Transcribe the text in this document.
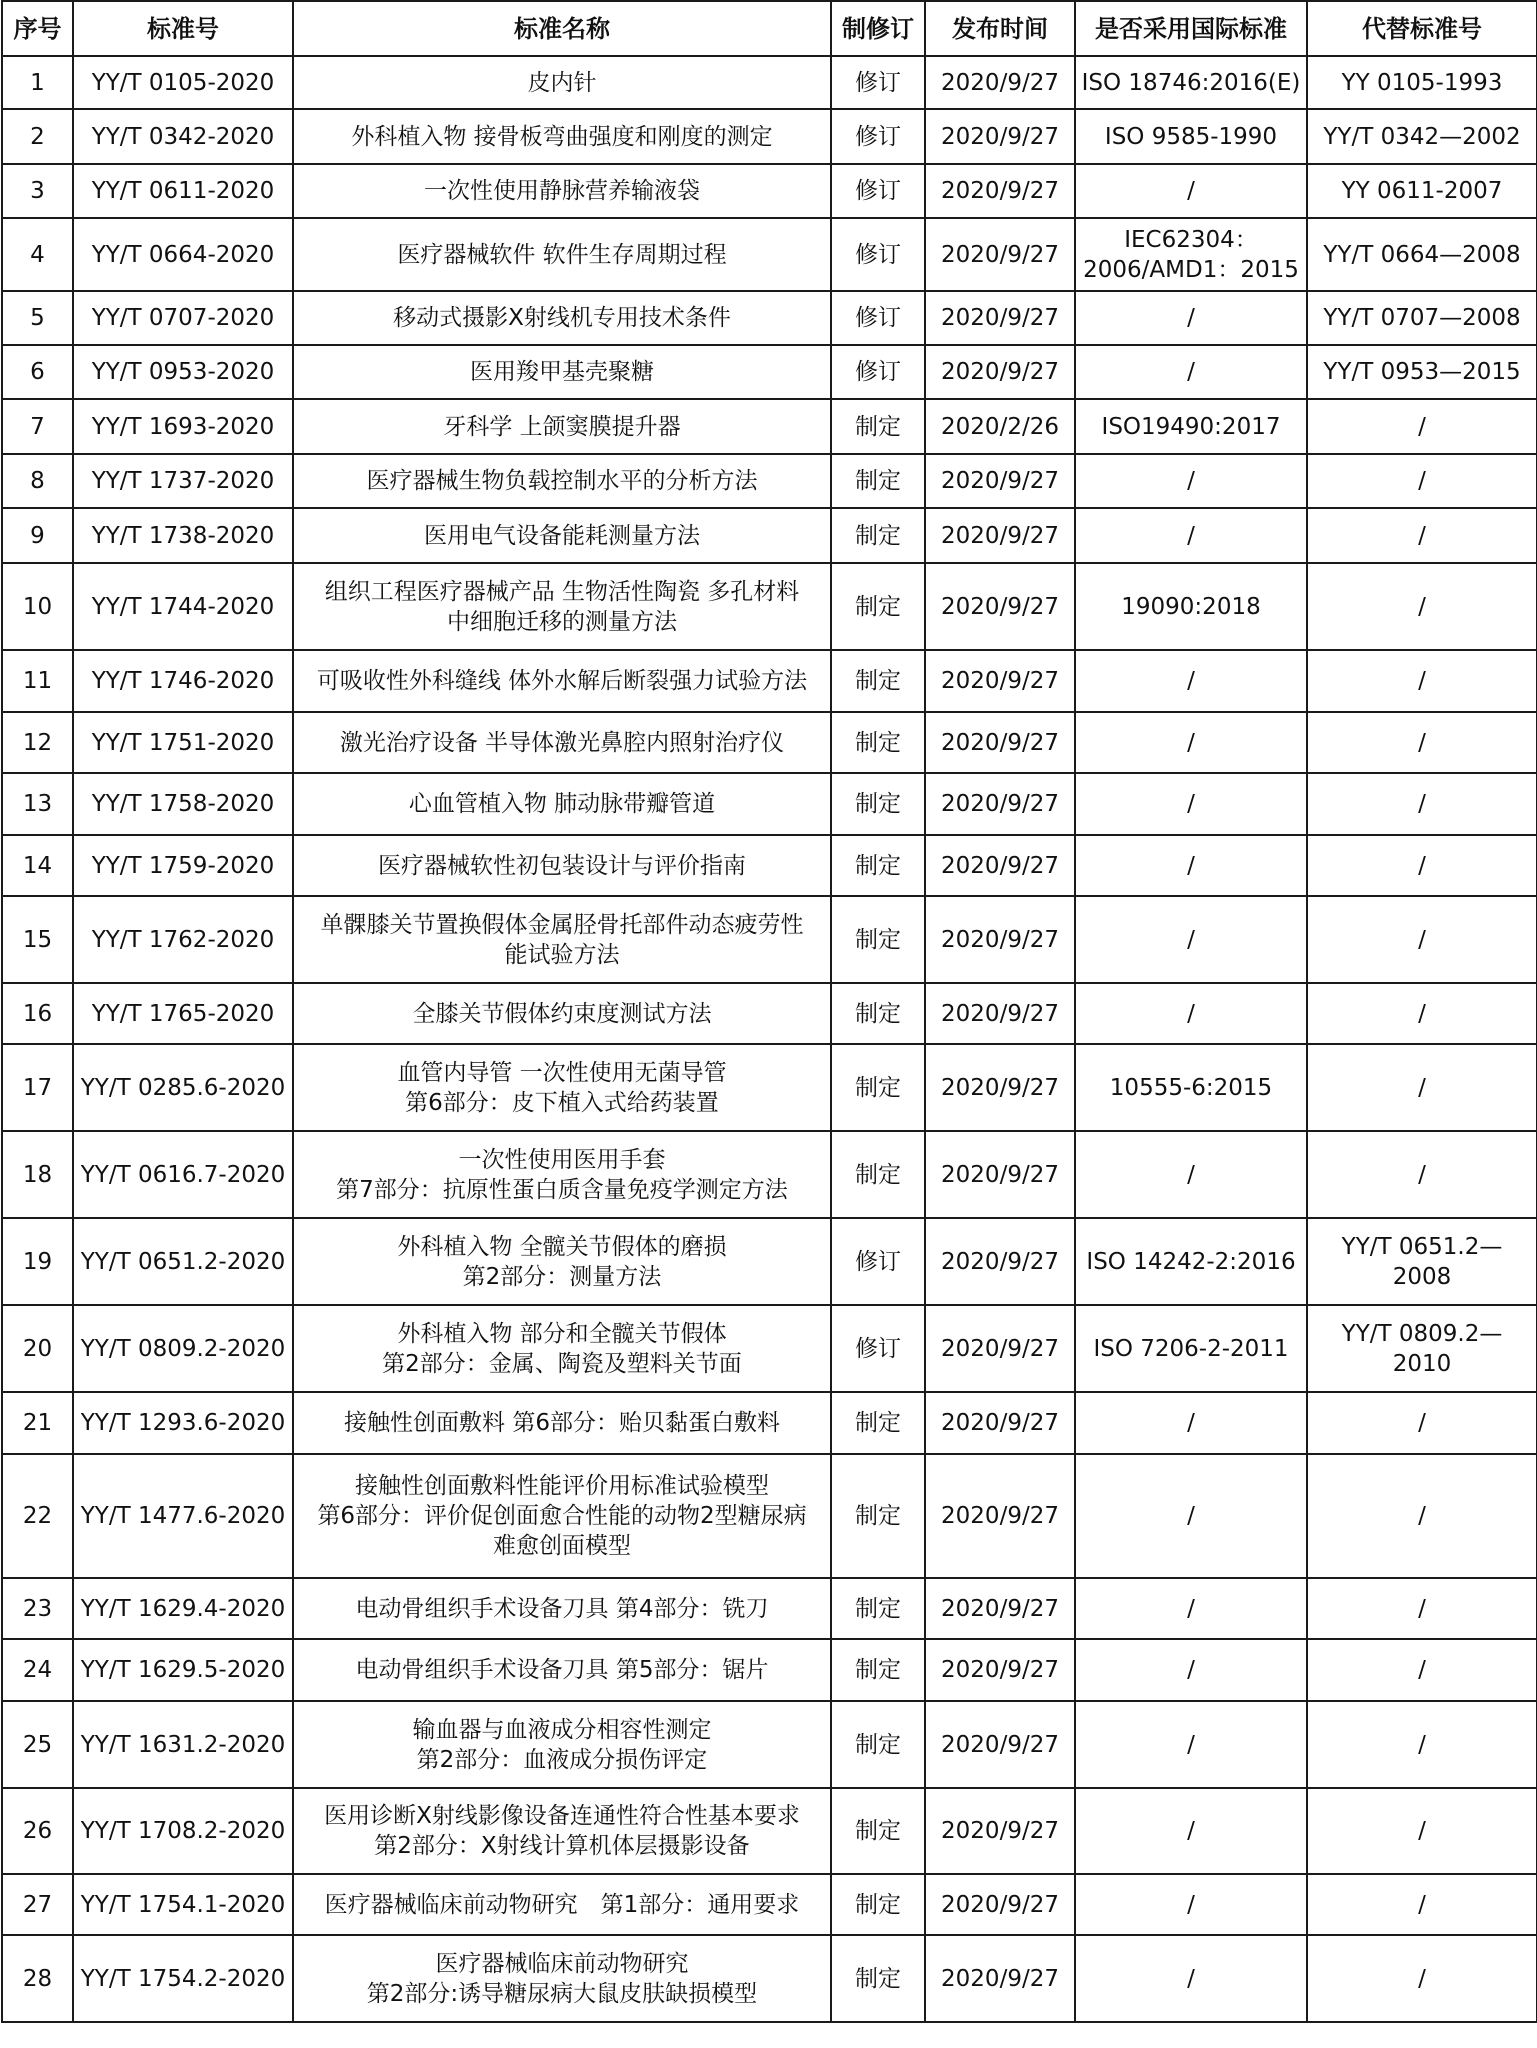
序号	标准号	标准名称	制修订	发布时间	是否采用国际标准	代替标准号
1	YY/T 0105-2020	皮内针	修订	2020/9/27	ISO 18746:2016(E)	YY 0105-1993
2	YY/T 0342-2020	外科植入物 接骨板弯曲强度和刚度的测定	修订	2020/9/27	ISO 9585-1990	YY/T 0342—2002
3	YY/T 0611-2020	一次性使用静脉营养输液袋	修订	2020/9/27	/	YY 0611-2007
4	YY/T 0664-2020	医疗器械软件 软件生存周期过程	修订	2020/9/27	IEC62304：
2006/AMD1：2015	YY/T 0664—2008
5	YY/T 0707-2020	移动式摄影X射线机专用技术条件	修订	2020/9/27	/	YY/T 0707—2008
6	YY/T 0953-2020	医用羧甲基壳聚糖	修订	2020/9/27	/	YY/T 0953—2015
7	YY/T 1693-2020	牙科学 上颌窦膜提升器	制定	2020/2/26	ISO19490:2017	/
8	YY/T 1737-2020	医疗器械生物负载控制水平的分析方法	制定	2020/9/27	/	/
9	YY/T 1738-2020	医用电气设备能耗测量方法	制定	2020/9/27	/	/
10	YY/T 1744-2020	组织工程医疗器械产品 生物活性陶瓷 多孔材料
中细胞迁移的测量方法	制定	2020/9/27	19090:2018	/
11	YY/T 1746-2020	可吸收性外科缝线 体外水解后断裂强力试验方法	制定	2020/9/27	/	/
12	YY/T 1751-2020	激光治疗设备 半导体激光鼻腔内照射治疗仪	制定	2020/9/27	/	/
13	YY/T 1758-2020	心血管植入物 肺动脉带瓣管道	制定	2020/9/27	/	/
14	YY/T 1759-2020	医疗器械软性初包装设计与评价指南	制定	2020/9/27	/	/
15	YY/T 1762-2020	单髁膝关节置换假体金属胫骨托部件动态疲劳性
能试验方法	制定	2020/9/27	/	/
16	YY/T 1765-2020	全膝关节假体约束度测试方法	制定	2020/9/27	/	/
17	YY/T 0285.6-2020	血管内导管 一次性使用无菌导管
第6部分：皮下植入式给药装置	制定	2020/9/27	10555-6:2015	/
18	YY/T 0616.7-2020	一次性使用医用手套
第7部分：抗原性蛋白质含量免疫学测定方法	制定	2020/9/27	/	/
19	YY/T 0651.2-2020	外科植入物 全髋关节假体的磨损
第2部分：测量方法	修订	2020/9/27	ISO 14242-2:2016	YY/T 0651.2—
2008
20	YY/T 0809.2-2020	外科植入物 部分和全髋关节假体
第2部分：金属、陶瓷及塑料关节面	修订	2020/9/27	ISO 7206-2-2011	YY/T 0809.2—
2010
21	YY/T 1293.6-2020	接触性创面敷料 第6部分：贻贝黏蛋白敷料	制定	2020/9/27	/	/
22	YY/T 1477.6-2020	接触性创面敷料性能评价用标准试验模型
第6部分：评价促创面愈合性能的动物2型糖尿病
难愈创面模型	制定	2020/9/27	/	/
23	YY/T 1629.4-2020	电动骨组织手术设备刀具 第4部分：铣刀	制定	2020/9/27	/	/
24	YY/T 1629.5-2020	电动骨组织手术设备刀具 第5部分：锯片	制定	2020/9/27	/	/
25	YY/T 1631.2-2020	输血器与血液成分相容性测定
第2部分：血液成分损伤评定	制定	2020/9/27	/	/
26	YY/T 1708.2-2020	医用诊断X射线影像设备连通性符合性基本要求
第2部分：X射线计算机体层摄影设备	制定	2020/9/27	/	/
27	YY/T 1754.1-2020	医疗器械临床前动物研究　第1部分：通用要求	制定	2020/9/27	/	/
28	YY/T 1754.2-2020	医疗器械临床前动物研究
第2部分:诱导糖尿病大鼠皮肤缺损模型	制定	2020/9/27	/	/
